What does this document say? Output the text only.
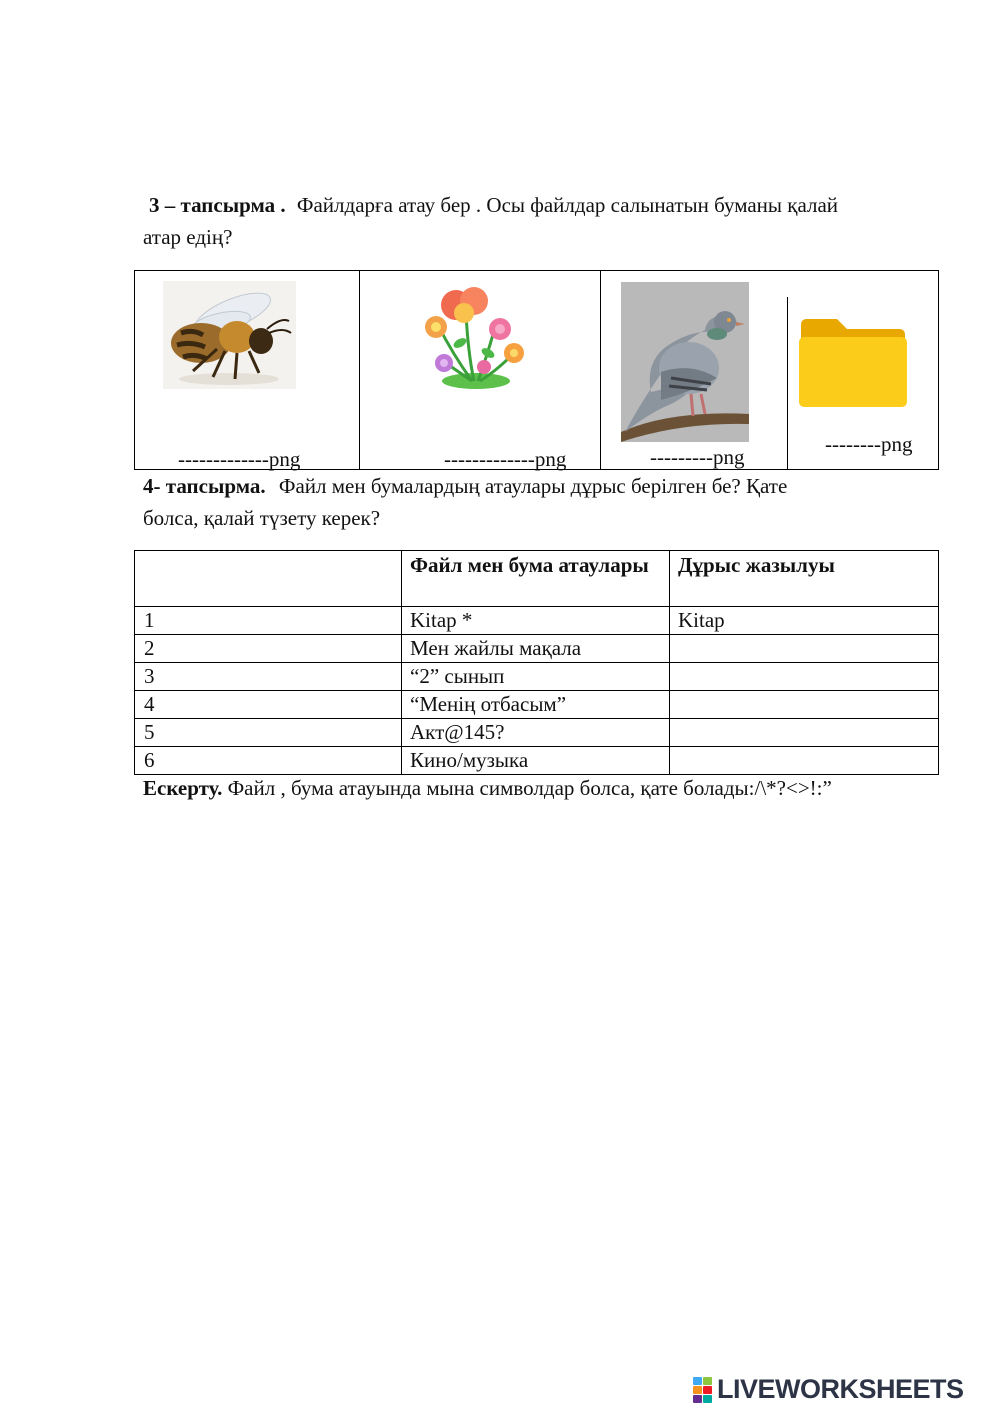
3 – тапсырма . Файлдарға атау бер . Осы файлдар салынатын буманы қалай
атар едің?
-------------png	-------------png	---------png

--------png
4- тапсырма. Файл мен бумалардың атаулары дұрыс берілген бе? Қате
болса, қалай түзету керек?
	Файл мен бума атаулары	Дұрыс жазылуы
1	Kitap *	Kitap
2	Мен жайлы мақала	
3	“2” сынып	
4	“Менің отбасым”	
5	Акт@145?	
6	Кино/музыка	
Ескерту. Файл , бума атауында мына символдар болса, қате болады:/\*?<>!:”
LIVEWORKSHEETS
